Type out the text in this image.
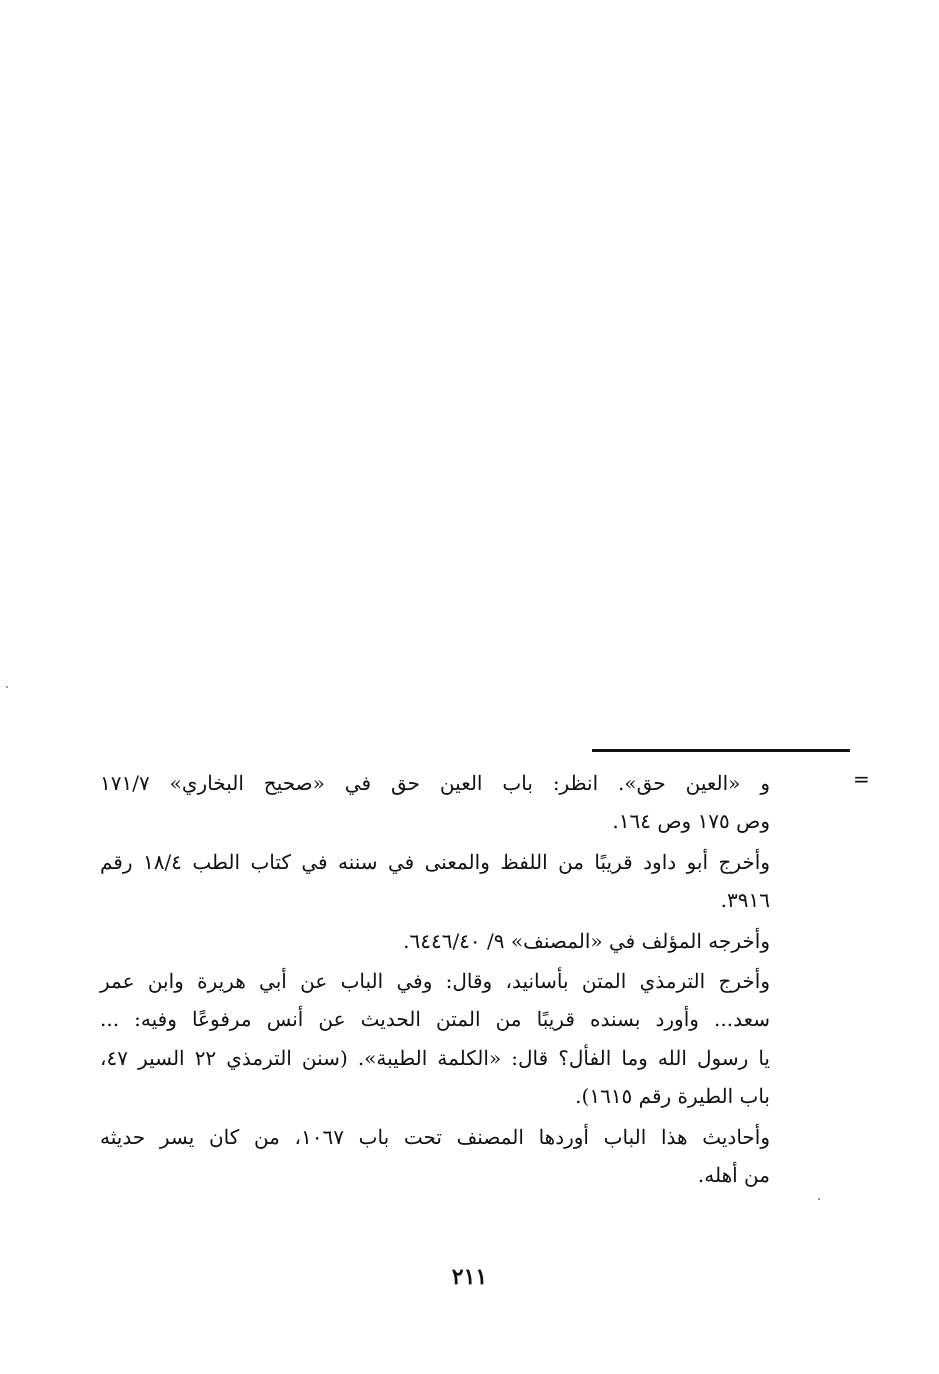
=
و «العين حق». انظر: باب العين حق في «صحيح البخاري» ١٧١/٧
وص ١٧٥ وص ١٦٤.
وأخرج أبو داود قريبًا من اللفظ والمعنى في سننه في كتاب الطب ١٨/٤ رقم
٣٩١٦.
وأخرجه المؤلف في «المصنف» ٩/ ٦٤٤٦/٤٠.
وأخرج الترمذي المتن بأسانيد، وقال: وفي الباب عن أبي هريرة وابن عمر
سعد... وأورد بسنده قريبًا من المتن الحديث عن أنس مرفوعًا وفيه: ...
يا رسول الله وما الفأل؟ قال: «الكلمة الطيبة». (سنن الترمذي ٢٢ السير ٤٧،
باب الطيرة رقم ١٦١٥).
وأحاديث هذا الباب أوردها المصنف تحت باب ١٠٦٧، من كان يسر حديثه
من أهله.
٢١١
